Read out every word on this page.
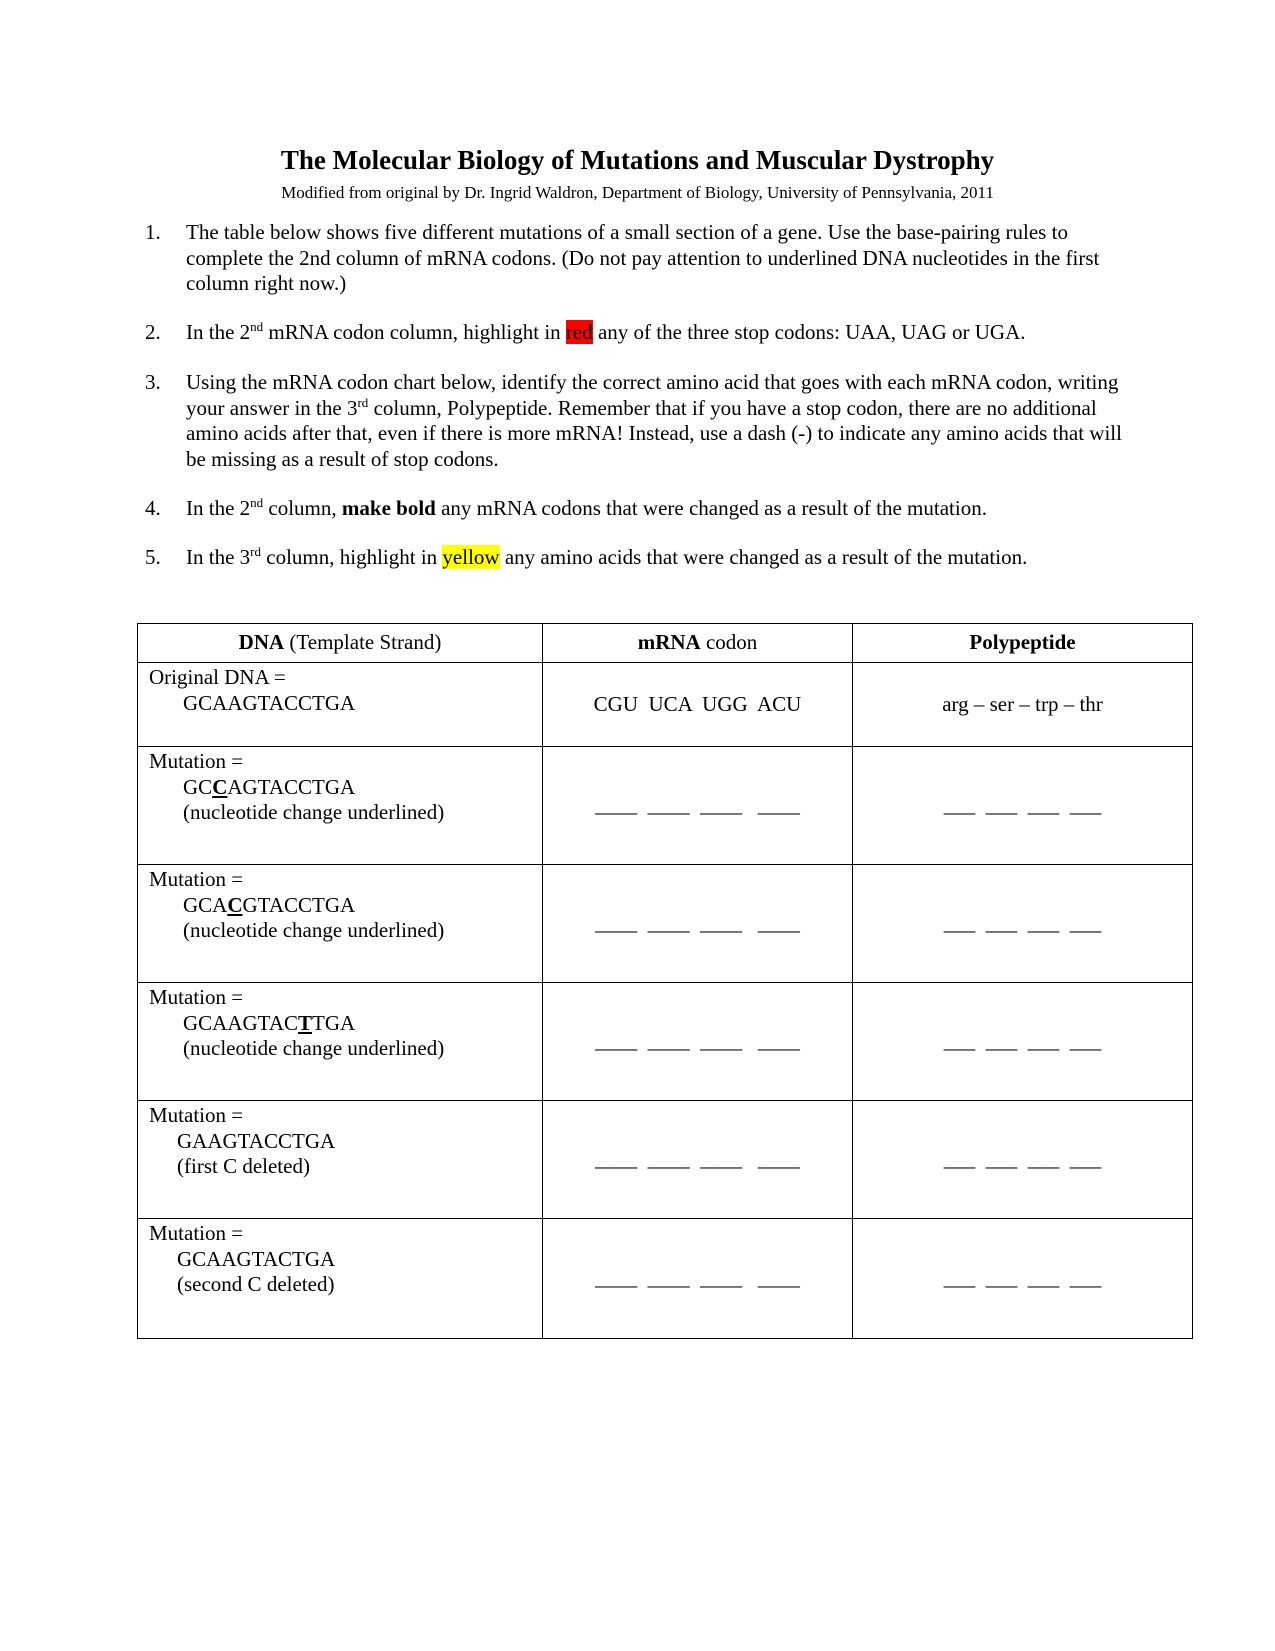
The Molecular Biology of Mutations and Muscular Dystrophy
Modified from original by Dr. Ingrid Waldron, Department of Biology, University of Pennsylvania, 2011
1. The table below shows five different mutations of a small section of a gene. Use the base-pairing rules to complete the 2nd column of mRNA codons. (Do not pay attention to underlined DNA nucleotides in the first column right now.)
2. In the 2nd mRNA codon column, highlight in red any of the three stop codons: UAA, UAG or UGA.
3. Using the mRNA codon chart below, identify the correct amino acid that goes with each mRNA codon, writing your answer in the 3rd column, Polypeptide. Remember that if you have a stop codon, there are no additional amino acids after that, even if there is more mRNA! Instead, use a dash (-) to indicate any amino acids that will be missing as a result of stop codons.
4. In the 2nd column, make bold any mRNA codons that were changed as a result of the mutation.
5. In the 3rd column, highlight in yellow any amino acids that were changed as a result of the mutation.
DNA (Template Strand)	mRNA codon	Polypeptide

Original DNA =
GCAAGTACCTGA	CGU  UCA  UGG  ACU	arg – ser – trp – thr

Mutation =
GCCAGTACCTGA
(nucleotide change underlined)	____  ____  ____   ____	___  ___  ___  ___

Mutation =
GCACGTACCTGA
(nucleotide change underlined)	____  ____  ____   ____	___  ___  ___  ___

Mutation =
GCAAGTACTTGA
(nucleotide change underlined)	____  ____  ____   ____	___  ___  ___  ___

Mutation =
GAAGTACCTGA
(first C deleted)	____  ____  ____   ____	___  ___  ___  ___

Mutation =
GCAAGTACTGA
(second C deleted)	____  ____  ____   ____	___  ___  ___  ___
